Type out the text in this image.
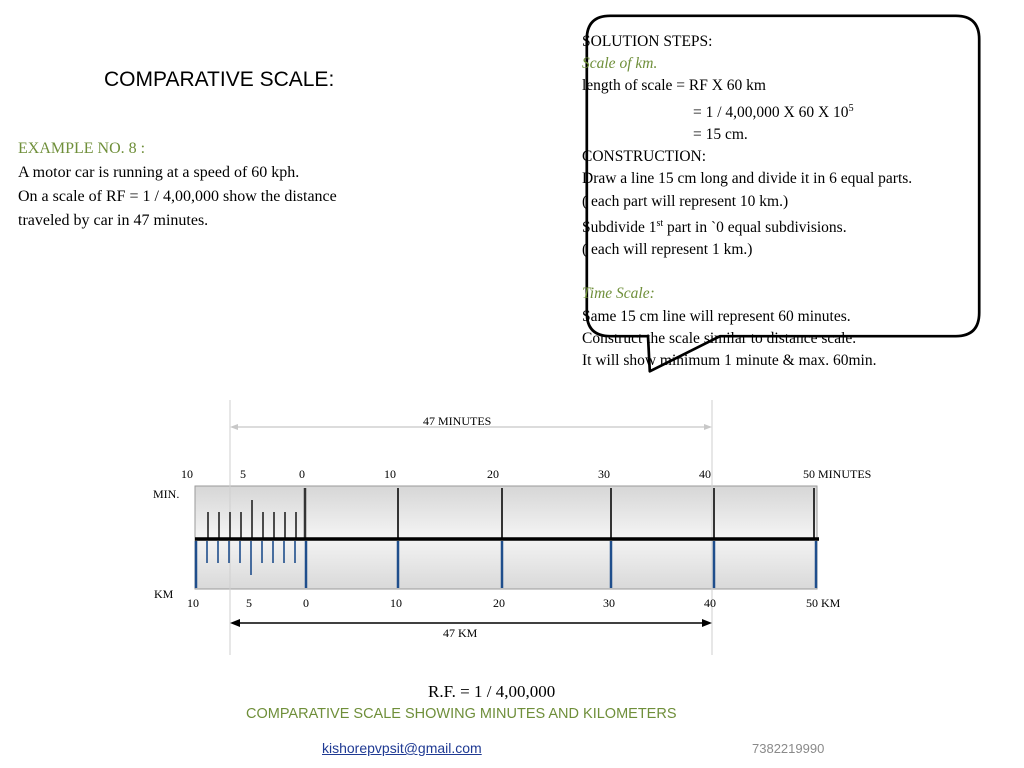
COMPARATIVE SCALE:
EXAMPLE NO. 8 :
A motor car is running at a speed of 60 kph.
On a scale of RF = 1 / 4,00,000 show the distance
traveled by car in 47 minutes.
SOLUTION STEPS:
Scale of km.
length of scale = RF X 60 km
= 1 / 4,00,000 X 60 X $10^5$
= 15 cm.
CONSTRUCTION:
Draw a line 15 cm long and divide it in 6 equal parts.
( each part will represent 10 km.)
Subdivide 1st part in `0 equal subdivisions.
( each will represent 1 km.)
Time Scale:
Same 15 cm line will represent 60 minutes.
Construct the scale similar to distance scale.
It will show minimum 1 minute & max. 60min.
47 MINUTES
47 KM
MIN.
KM
10	5	0	10	20	30	40	50 MINUTES
10	5	0	10	20	30	40	50 KM
R.F. = 1 / 4,00,000
COMPARATIVE SCALE SHOWING MINUTES AND KILOMETERS
kishorepvpsit@gmail.com	7382219990
